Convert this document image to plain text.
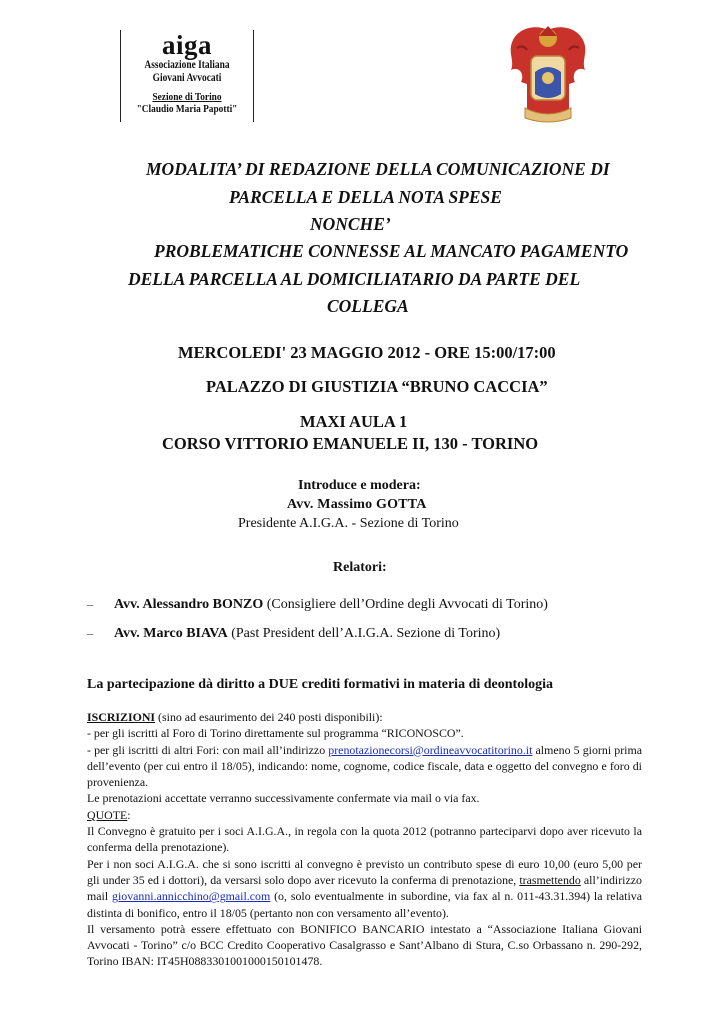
aiga
Associazione Italiana
Giovani Avvocati
Sezione di Torino
"Claudio Maria Papotti"
MODALITA’ DI REDAZIONE DELLA COMUNICAZIONE DI
PARCELLA E DELLA NOTA SPESE
NONCHE’
PROBLEMATICHE CONNESSE AL MANCATO PAGAMENTO
DELLA PARCELLA AL DOMICILIATARIO DA PARTE DEL
COLLEGA
MERCOLEDI' 23 MAGGIO 2012 - ORE 15:00/17:00
PALAZZO DI GIUSTIZIA “BRUNO CACCIA”
MAXI AULA 1
CORSO VITTORIO EMANUELE II, 130 - TORINO
Introduce e modera:
Avv. Massimo GOTTA
Presidente A.I.G.A. - Sezione di Torino
Relatori:
– Avv. Alessandro BONZO (Consigliere dell’Ordine degli Avvocati di Torino)
– Avv. Marco BIAVA (Past President dell’A.I.G.A. Sezione di Torino)
La partecipazione dà diritto a DUE crediti formativi in materia di deontologia

ISCRIZIONI (sino ad esaurimento dei 240 posti disponibili):

- per gli iscritti al Foro di Torino direttamente sul programma “RICONOSCO”.

- per gli iscritti di altri Fori: con mail all’indirizzo prenotazionecorsi@ordineavvocatitorino.it almeno 5 giorni prima dell’evento (per cui entro il 18/05), indicando: nome, cognome, codice fiscale, data e oggetto del convegno e foro di provenienza.

Le prenotazioni accettate verranno successivamente confermate via mail o via fax.

QUOTE:

Il Convegno è gratuito per i soci A.I.G.A., in regola con la quota 2012 (potranno parteciparvi dopo aver ricevuto la conferma della prenotazione).

Per i non soci A.I.G.A. che si sono iscritti al convegno è previsto un contributo spese di euro 10,00 (euro 5,00 per gli under 35 ed i dottori), da versarsi solo dopo aver ricevuto la conferma di prenotazione, trasmettendo all’indirizzo mail giovanni.annicchino@gmail.com (o, solo eventualmente in subordine, via fax al n. 011-43.31.394) la relativa distinta di bonifico, entro il 18/05 (pertanto non con versamento all’evento).

Il versamento potrà essere effettuato con BONIFICO BANCARIO intestato a “Associazione Italiana Giovani Avvocati - Torino” c/o BCC Credito Cooperativo Casalgrasso e Sant’Albano di Stura, C.so Orbassano n. 290-292, Torino IBAN: IT45H0883301001000150101478.
